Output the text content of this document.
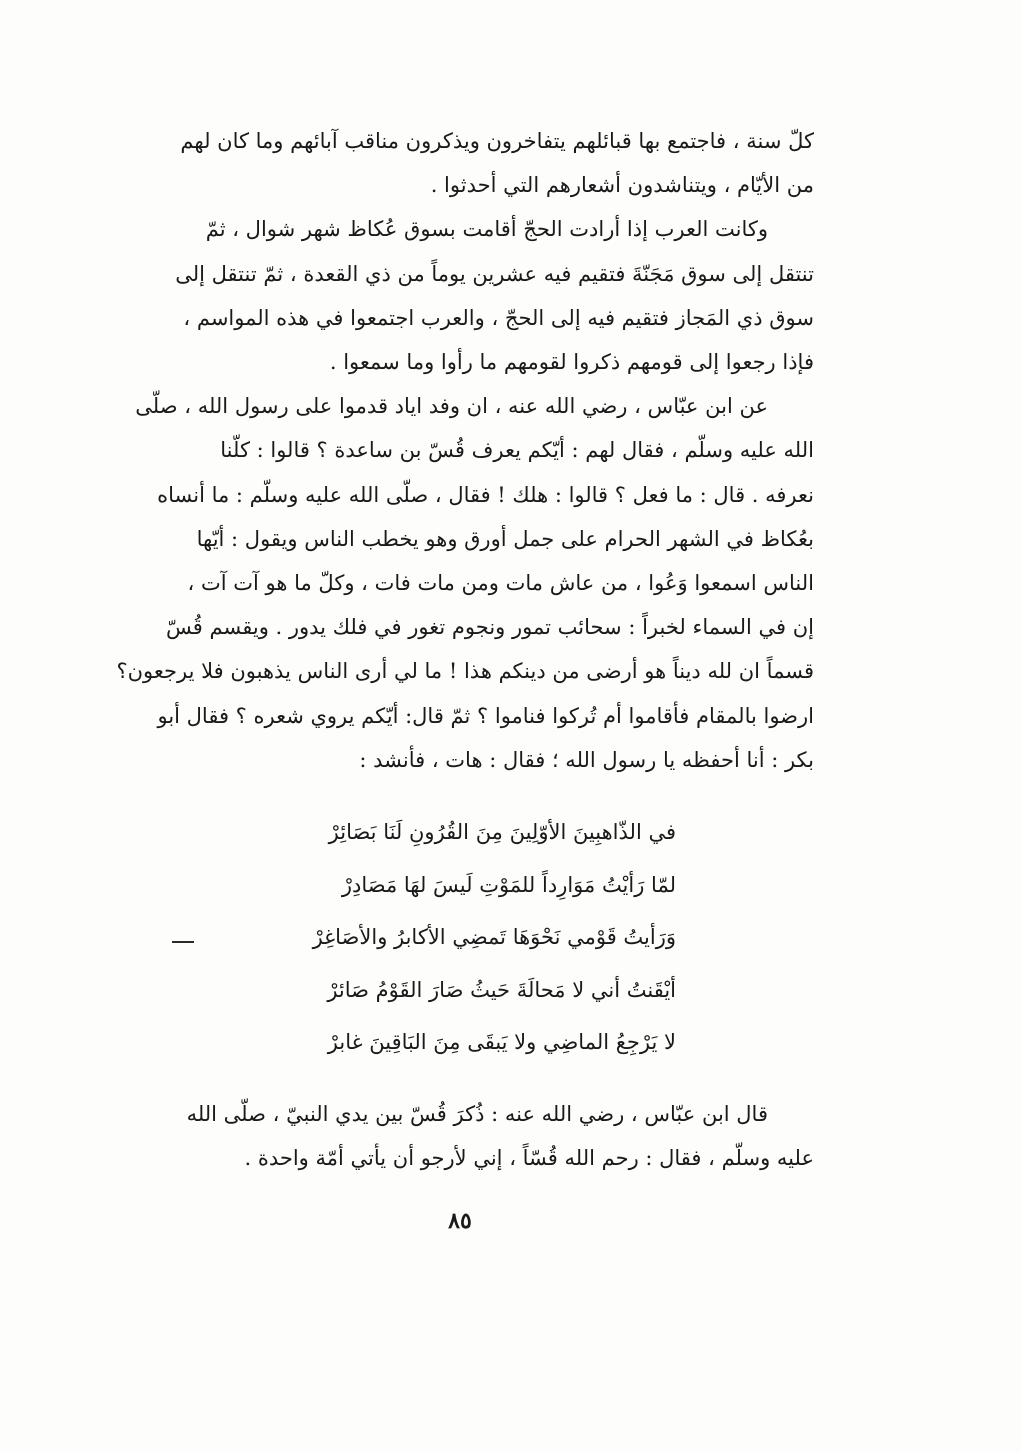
كلّ سنة ، فاجتمع بها قبائلهم يتفاخرون ويذكرون مناقب آبائهم وما كان لهم
من الأيّام ، ويتناشدون أشعارهم التي أحدثوا .

وكانت العرب إذا أرادت الحجّ أقامت بسوق عُكاظ شهر شوال ، ثمّ
تنتقل إلى سوق مَجَنّةَ فتقيم فيه عشرين يوماً من ذي القعدة ، ثمّ تنتقل إلى
سوق ذي المَجاز فتقيم فيه إلى الحجّ ، والعرب اجتمعوا في هذه المواسم ،
فإذا رجعوا إلى قومهم ذكروا لقومهم ما رأوا وما سمعوا .

عن ابن عبّاس ، رضي الله عنه ، ان وفد اياد قدموا على رسول الله ، صلّى
الله عليه وسلّم ، فقال لهم : أيّكم يعرف قُسّ بن ساعدة ؟ قالوا : كلّنا
نعرفه . قال : ما فعل ؟ قالوا : هلك ! فقال ، صلّى الله عليه وسلّم : ما أنساه
بعُكاظ في الشهر الحرام على جمل أورق وهو يخطب الناس ويقول : أيّها
الناس اسمعوا وَعُوا ، من عاش مات ومن مات فات ، وكلّ ما هو آت آت ،
إن في السماء لخبراً : سحائب تمور ونجوم تغور في فلك يدور . ويقسم قُسّ
قسماً ان لله ديناً هو أرضى من دينكم هذا ! ما لي أرى الناس يذهبون فلا يرجعون؟
ارضوا بالمقام فأقاموا أم تُركوا فناموا ؟ ثمّ قال: أيّكم يروي شعره ؟ فقال أبو
بكر : أنا أحفظه يا رسول الله ؛ فقال : هات ، فأنشد :

في الذّاهبِينَ الأوّلِينَ مِنَ القُرُونِ لَنَا بَصَائِرْ
لمّا رَأيْتُ مَوَارِداً للمَوْتِ لَيسَ لهَا مَصَادِرْ
وَرَأيتُ قَوْمي نَحْوَهَا تَمضِي الأكابرُ والأصَاغِرْ
أيْقَنتُ أني لا مَحالَةَ حَيثُ صَارَ القَوْمُ صَائرْ
لا يَرْجِعُ الماضِي ولا يَبقَى مِنَ البَاقِينَ غابرْ

قال ابن عبّاس ، رضي الله عنه : ذُكرَ قُسّ بين يدي النبيّ ، صلّى الله
عليه وسلّم ، فقال : رحم الله قُسّاً ، إني لأرجو أن يأتي أمّة واحدة .

٨٥
